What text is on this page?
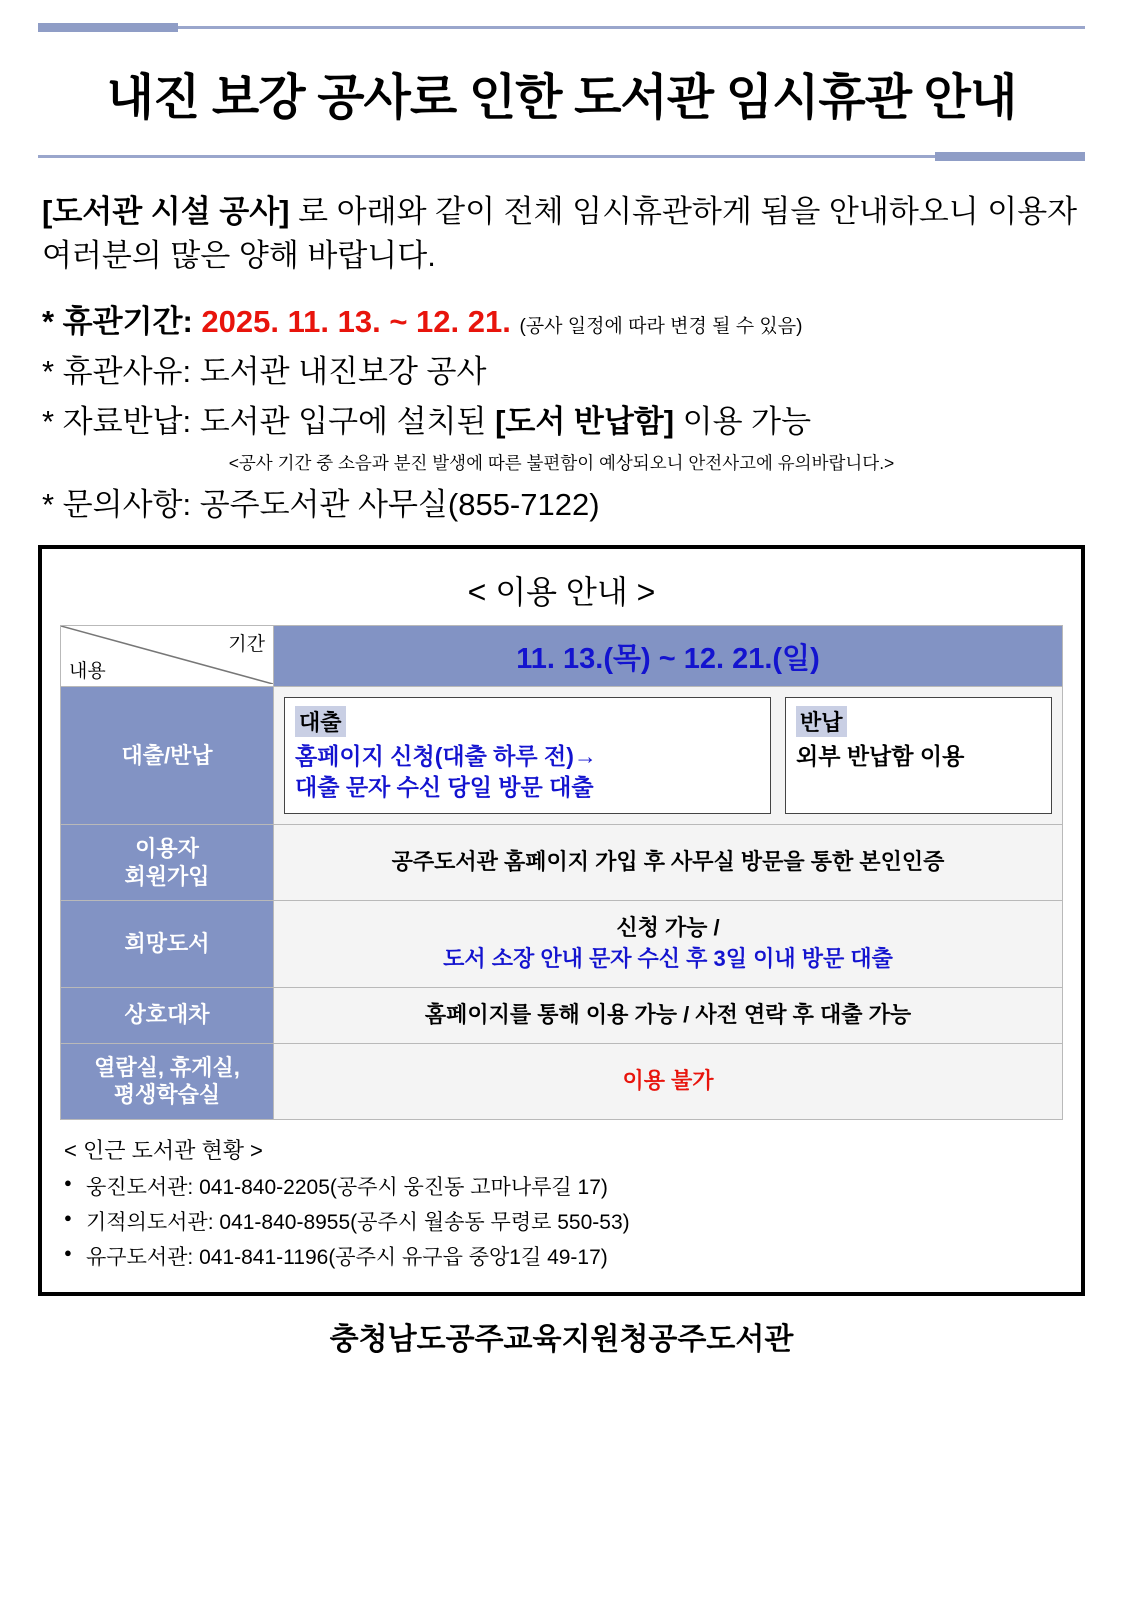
내진 보강 공사로 인한 도서관 임시휴관 안내
[도서관 시설 공사] 로 아래와 같이 전체 임시휴관하게 됨을 안내하오니 이용자 여러분의 많은 양해 바랍니다.
* 휴관기간: 2025. 11. 13. ~ 12. 21. (공사 일정에 따라 변경 될 수 있음)
* 휴관사유: 도서관 내진보강 공사
* 자료반납: 도서관 입구에 설치된 [도서 반납함] 이용 가능
<공사 기간 중 소음과 분진 발생에 따른 불편함이 예상되오니 안전사고에 유의바랍니다.>
* 문의사항: 공주도서관 사무실(855-7122)
< 이용 안내 >
기간
내용	11. 13.(목) ~ 12. 21.(일)
대출/반납	대출
홈페이지 신청(대출 하루 전)→
대출 문자 수신 당일 방문 대출
반납
외부 반납함 이용

이용자
회원가입	공주도서관 홈페이지 가입 후 사무실 방문을 통한 본인인증
희망도서	신청 가능 /
도서 소장 안내 문자 수신 후 3일 이내 방문 대출

상호대차	홈페이지를 통해 이용 가능 / 사전 연락 후 대출 가능

열람실, 휴게실,
평생학습실	이용 불가
< 인근 도서관 현황 >
● 웅진도서관: 041-840-2205(공주시 웅진동 고마나루길 17)
● 기적의도서관: 041-840-8955(공주시 월송동 무령로 550-53)
● 유구도서관: 041-841-1196(공주시 유구읍 중앙1길 49-17)
충청남도공주교육지원청공주도서관
